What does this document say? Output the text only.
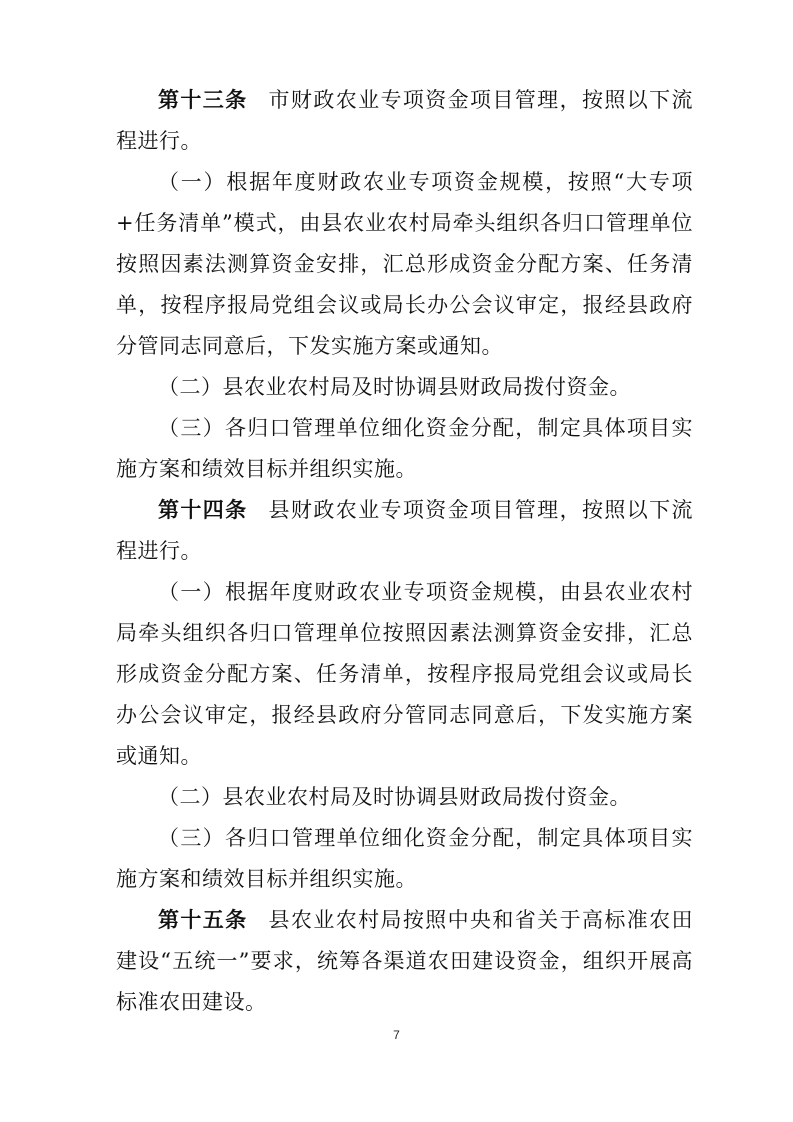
第十三条 市财政农业专项资金项目管理，按照以下流程进行。

（一）根据年度财政农业专项资金规模，按照“大专项+任务清单”模式，由县农业农村局牵头组织各归口管理单位按照因素法测算资金安排，汇总形成资金分配方案、任务清单，按程序报局党组会议或局长办公会议审定，报经县政府分管同志同意后，下发实施方案或通知。

（二）县农业农村局及时协调县财政局拨付资金。

（三）各归口管理单位细化资金分配，制定具体项目实施方案和绩效目标并组织实施。

第十四条 县财政农业专项资金项目管理，按照以下流程进行。

（一）根据年度财政农业专项资金规模，由县农业农村局牵头组织各归口管理单位按照因素法测算资金安排，汇总形成资金分配方案、任务清单，按程序报局党组会议或局长办公会议审定，报经县政府分管同志同意后，下发实施方案或通知。

（二）县农业农村局及时协调县财政局拨付资金。

（三）各归口管理单位细化资金分配，制定具体项目实施方案和绩效目标并组织实施。

第十五条 县农业农村局按照中央和省关于高标准农田建设“五统一”要求，统筹各渠道农田建设资金，组织开展高标准农田建设。

7
